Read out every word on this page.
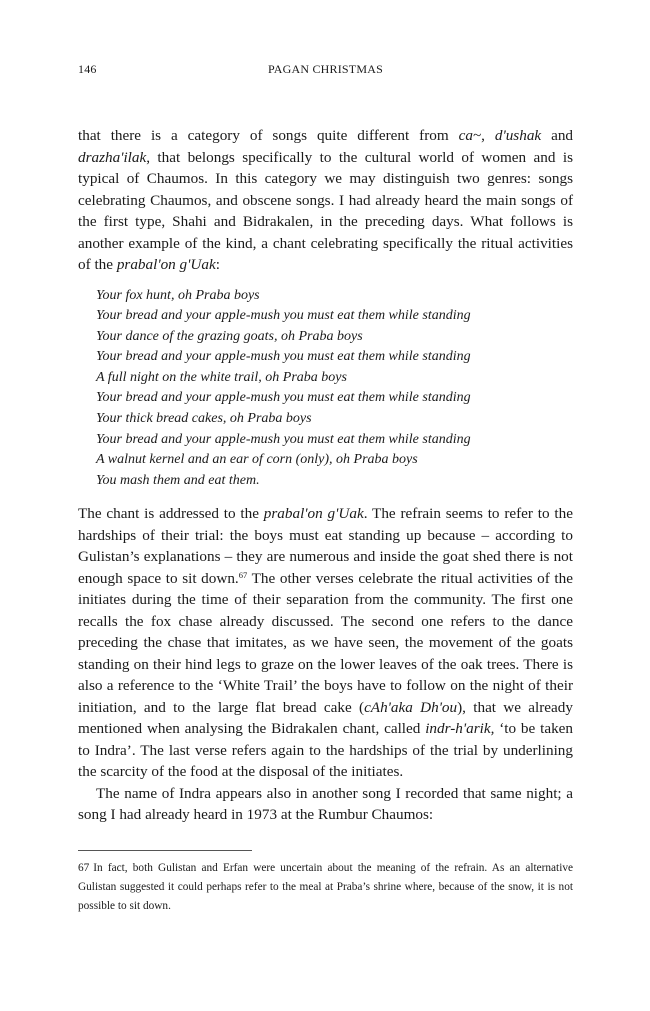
146	PAGAN CHRISTMAS

that there is a category of songs quite different from ca~, d'ushak and drazha'ilak, that belongs specifically to the cultural world of women and is typical of Chaumos. In this category we may distinguish two genres: songs celebrating Chaumos, and obscene songs. I had already heard the main songs of the first type, Shahi and Bidrakalen, in the preceding days. What follows is another example of the kind, a chant celebrating specifically the ritual activities of the prabal'on g'Uak:

Your fox hunt, oh Praba boys
Your bread and your apple-mush you must eat them while standing
Your dance of the grazing goats, oh Praba boys
Your bread and your apple-mush you must eat them while standing
A full night on the white trail, oh Praba boys
Your bread and your apple-mush you must eat them while standing
Your thick bread cakes, oh Praba boys
Your bread and your apple-mush you must eat them while standing
A walnut kernel and an ear of corn (only), oh Praba boys
You mash them and eat them.

The chant is addressed to the prabal'on g'Uak. The refrain seems to refer to the hardships of their trial: the boys must eat standing up because – according to Gulistan’s explanations – they are numerous and inside the goat shed there is not enough space to sit down.$^{67}$ The other verses celebrate the ritual activities of the initiates during the time of their separation from the community. The first one recalls the fox chase already discussed. The second one refers to the dance preceding the chase that imitates, as we have seen, the movement of the goats standing on their hind legs to graze on the lower leaves of the oak trees. There is also a reference to the ‘White Trail’ the boys have to follow on the night of their initiation, and to the large flat bread cake (cAh'aka Dh'ou), that we already mentioned when analysing the Bidrakalen chant, called indr-h'arik, ‘to be taken to Indra’. The last verse refers again to the hardships of the trial by underlining the scarcity of the food at the disposal of the initiates.

The name of Indra appears also in another song I recorded that same night; a song I had already heard in 1973 at the Rumbur Chaumos:

67 In fact, both Gulistan and Erfan were uncertain about the meaning of the refrain. As an alternative Gulistan suggested it could perhaps refer to the meal at Praba’s shrine where, because of the snow, it is not possible to sit down.
